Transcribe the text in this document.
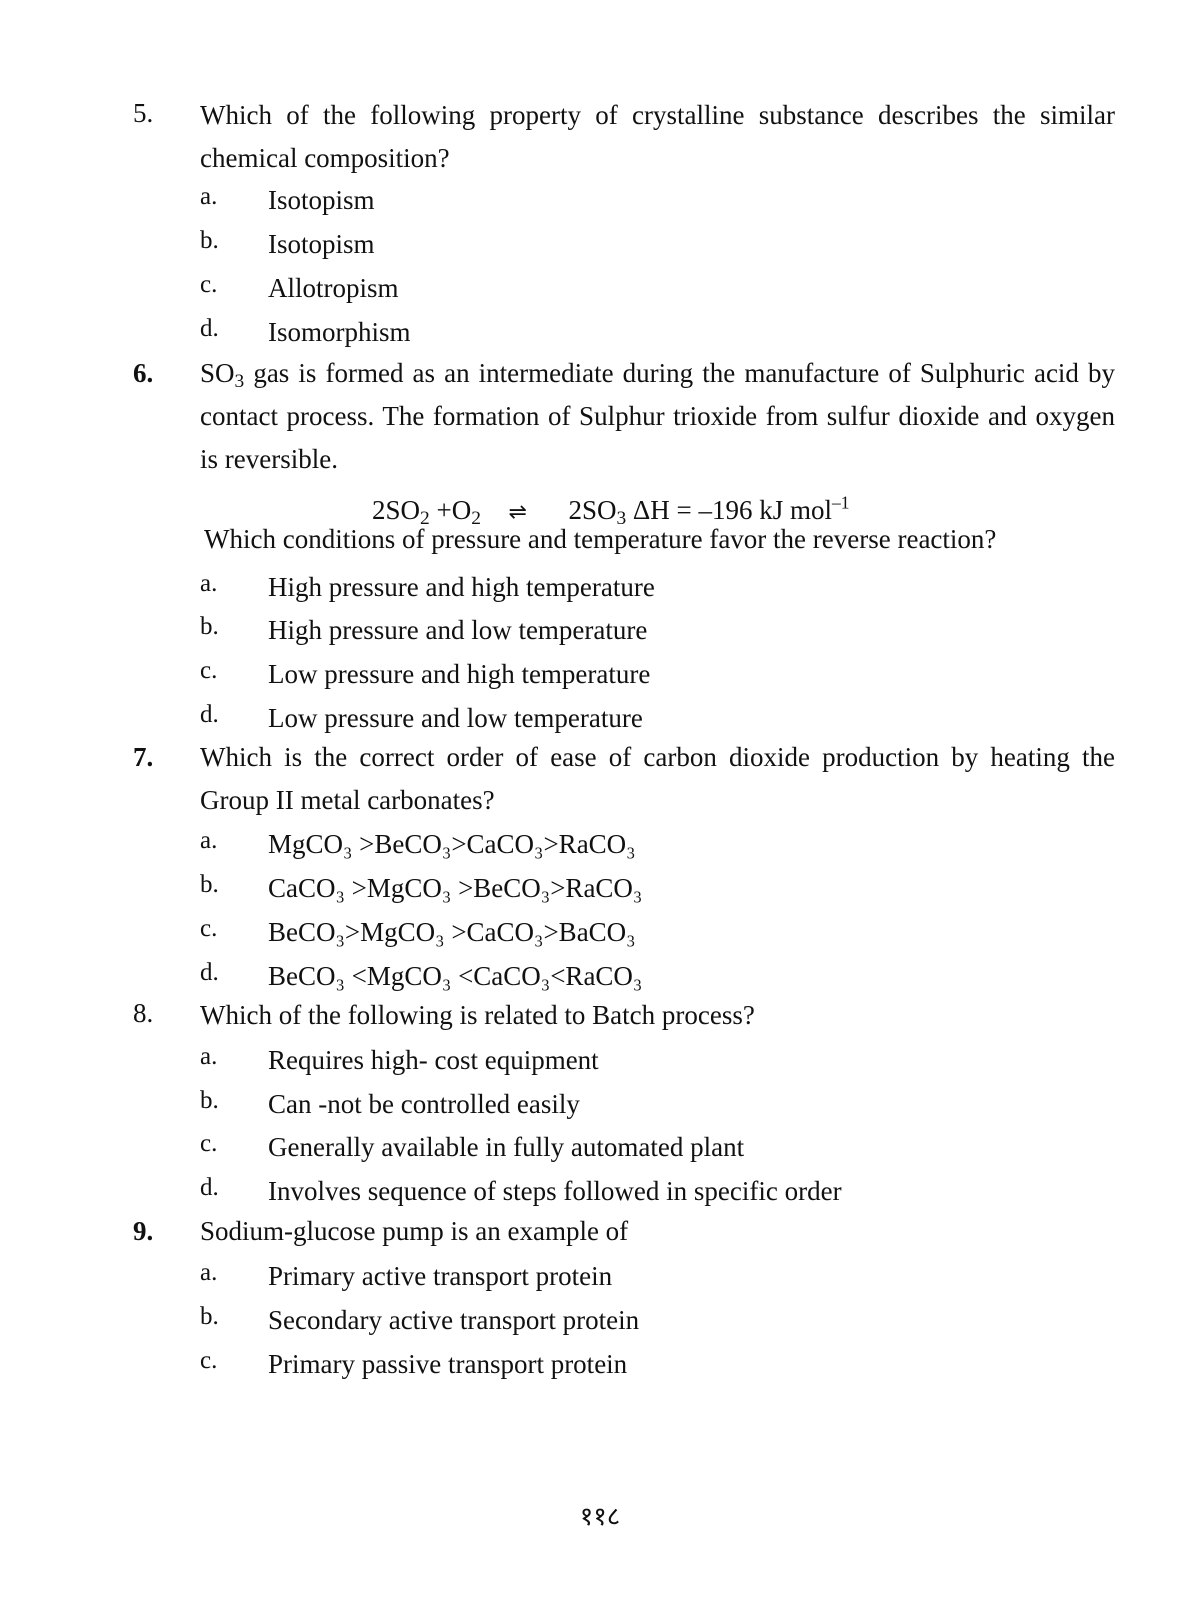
5. Which of the following property of crystalline substance describes the similar chemical composition?
a. Isotopism
b. Isotopism
c. Allotropism
d. Isomorphism
6. $SO_3$ gas is formed as an intermediate during the manufacture of Sulphuric acid by contact process. The formation of Sulphur trioxide from sulfur dioxide and oxygen is reversible.
$2SO_2 +O_2$ ⇌ $2SO_3$ ΔH = –196 kJ mol$^{-1}$
Which conditions of pressure and temperature favor the reverse reaction?
a. High pressure and high temperature
b. High pressure and low temperature
c. Low pressure and high temperature
d. Low pressure and low temperature
7. Which is the correct order of ease of carbon dioxide production by heating the Group II metal carbonates?
a. MgCO₃ >BeCO₃>CaCO₃>RaCO₃
b. CaCO₃ >MgCO₃ >BeCO₃>RaCO₃
c. BeCO₃>MgCO₃ >CaCO₃>BaCO₃
d. BeCO₃ <MgCO₃ <CaCO₃<RaCO₃
8. Which of the following is related to Batch process?
a. Requires high- cost equipment
b. Can -not be controlled easily
c. Generally available in fully automated plant
d. Involves sequence of steps followed in specific order
9. Sodium-glucose pump is an example of
a. Primary active transport protein
b. Secondary active transport protein
c. Primary passive transport protein
११८
